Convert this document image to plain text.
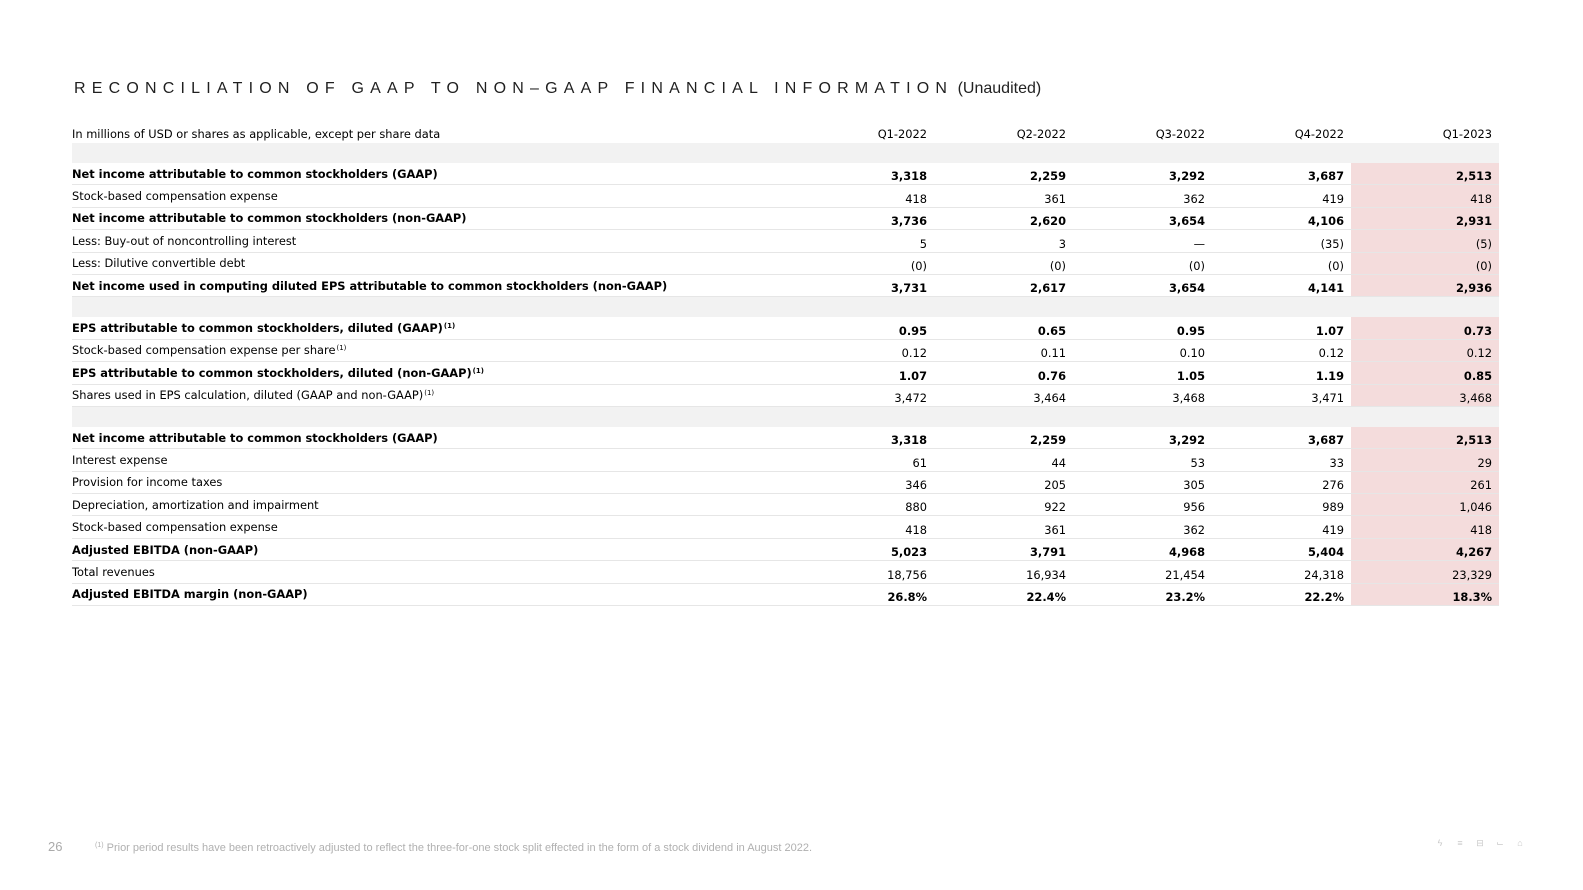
RECONCILIATION OF GAAP TO NON–GAAP FINANCIAL INFORMATION (Unaudited)
In millions of USD or shares as applicable, except per share data	Q1-2022	Q2-2022	Q3-2022	Q4-2022	Q1-2023

Net income attributable to common stockholders (GAAP)	3,318	2,259	3,292	3,687	2,513
Stock-based compensation expense	418	361	362	419	418
Net income attributable to common stockholders (non-GAAP)	3,736	2,620	3,654	4,106	2,931
Less: Buy-out of noncontrolling interest	5	3	—	(35)	(5)
Less: Dilutive convertible debt	(0)	(0)	(0)	(0)	(0)
Net income used in computing diluted EPS attributable to common stockholders (non-GAAP)	3,731	2,617	3,654	4,141	2,936

EPS attributable to common stockholders, diluted (GAAP)$^{(1)}$	0.95	0.65	0.95	1.07	0.73
Stock-based compensation expense per share$^{(1)}$	0.12	0.11	0.10	0.12	0.12
EPS attributable to common stockholders, diluted (non-GAAP)$^{(1)}$	1.07	0.76	1.05	1.19	0.85
Shares used in EPS calculation, diluted (GAAP and non-GAAP)$^{(1)}$	3,472	3,464	3,468	3,471	3,468

Net income attributable to common stockholders (GAAP)	3,318	2,259	3,292	3,687	2,513
Interest expense	61	44	53	33	29
Provision for income taxes	346	205	305	276	261
Depreciation, amortization and impairment	880	922	956	989	1,046
Stock-based compensation expense	418	361	362	419	418
Adjusted EBITDA (non-GAAP)	5,023	3,791	4,968	5,404	4,267
Total revenues	18,756	16,934	21,454	24,318	23,329
Adjusted EBITDA margin (non-GAAP)	26.8%	22.4%	23.2%	22.2%	18.3%
26	$^{(1)}$ Prior period results have been retroactively adjusted to reflect the three-for-one stock split effected in the form of a stock dividend in August 2022.	ϟ ≡ ⊟ ⌙ ⌂
